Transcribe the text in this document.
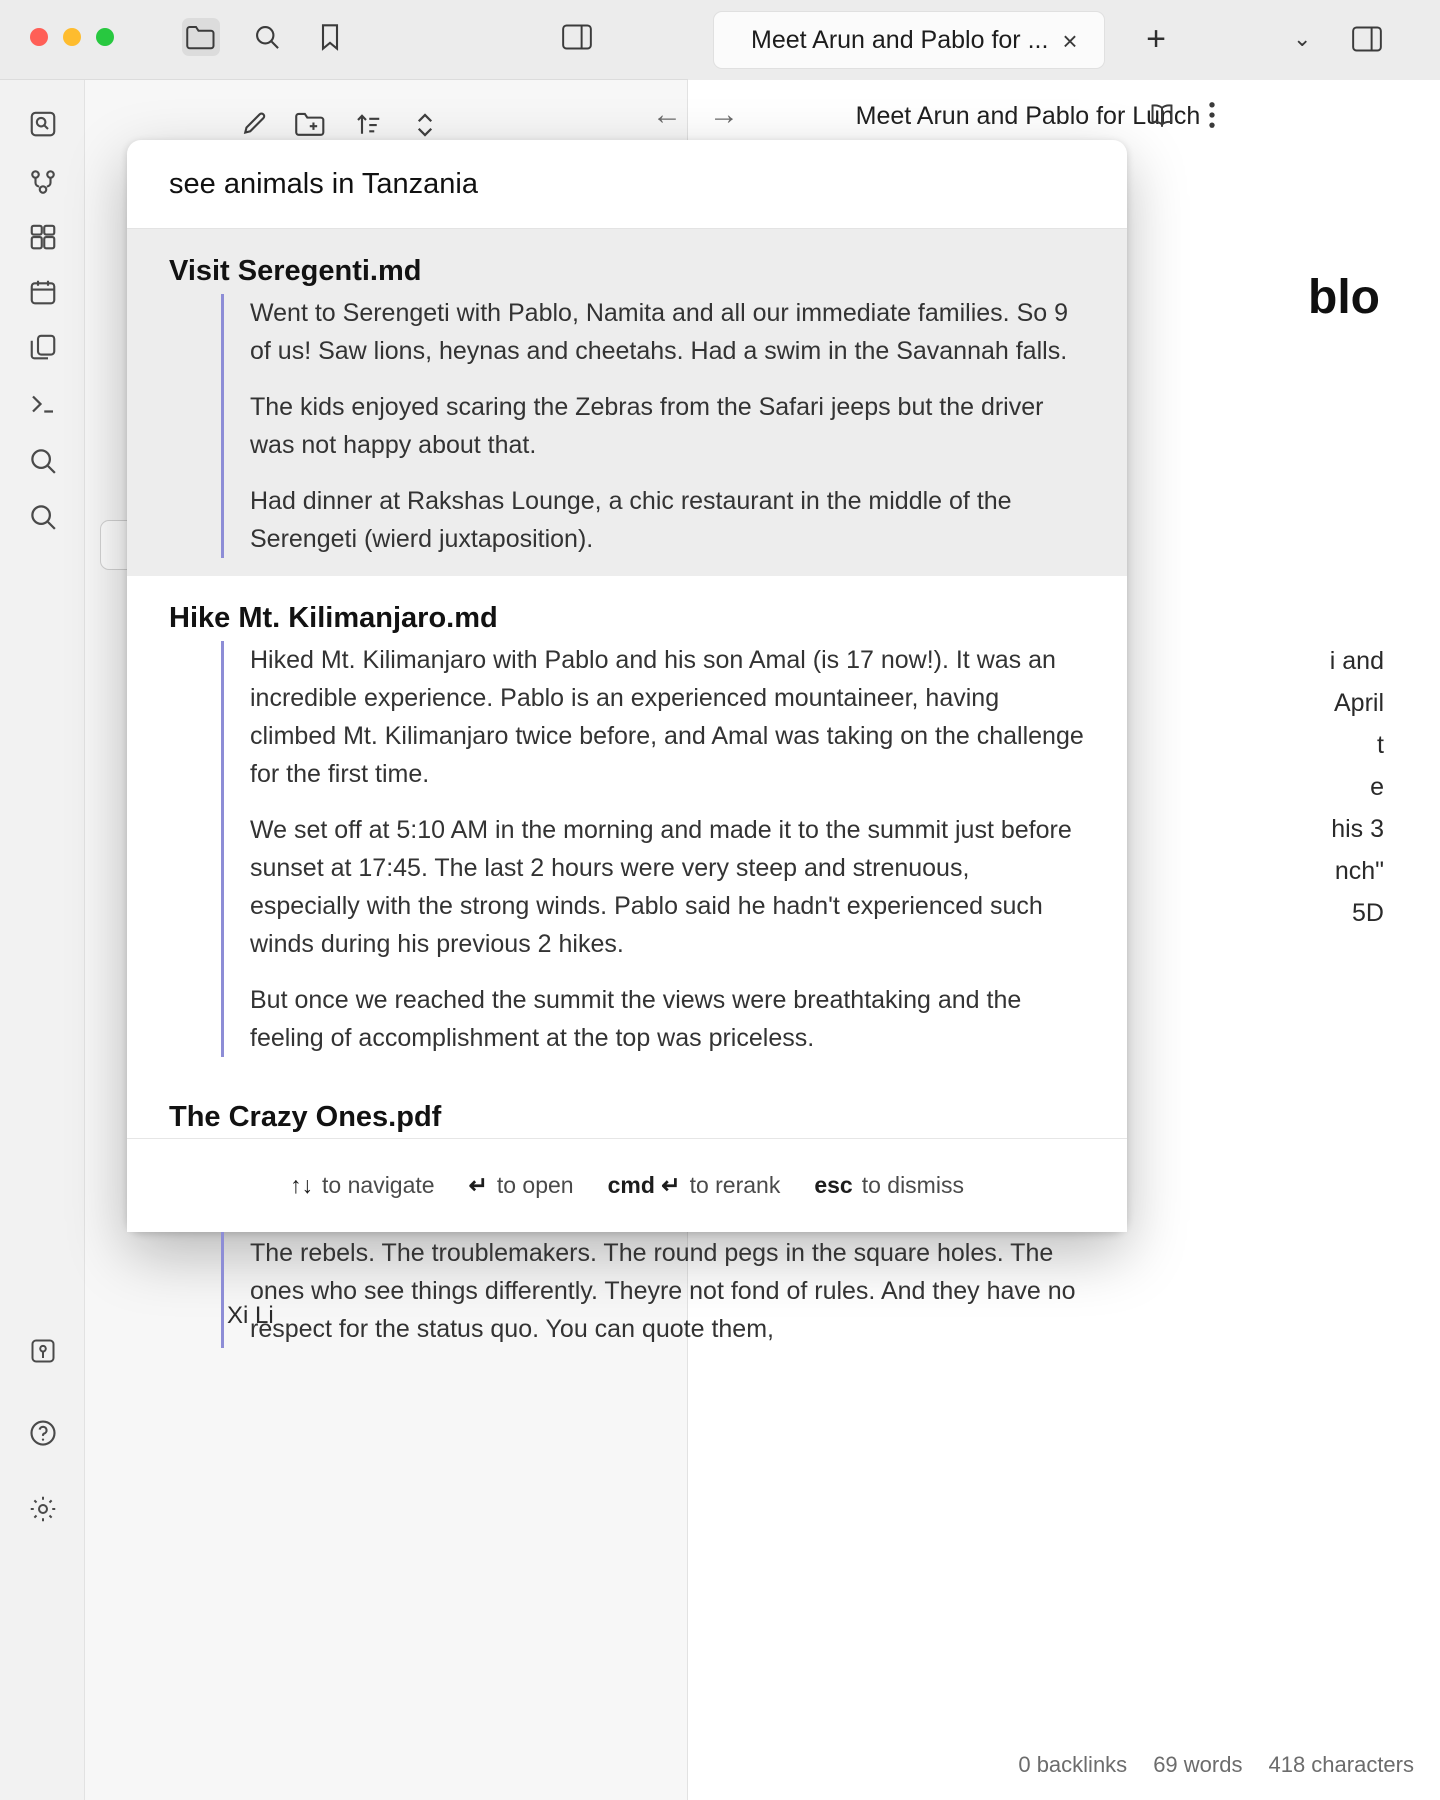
Meet Arun and Pablo for ... × +	⌄
Xi Li
← →	Meet Arun and Pablo for Lunch
blo
i and
April
t
e
his 3
nch"
5D
0 backlinks 69 words 418 characters
see animals in Tanzania
Visit Seregenti.md

Went to Serengeti with Pablo, Namita and all our immediate families. So 9 of us! Saw lions, heynas and cheetahs. Had a swim in the Savannah falls.

The kids enjoyed scaring the Zebras from the Safari jeeps but the driver was not happy about that.

Had dinner at Rakshas Lounge, a chic restaurant in the middle of the Serengeti (wierd juxtaposition).

Hike Mt. Kilimanjaro.md

Hiked Mt. Kilimanjaro with Pablo and his son Amal (is 17 now!). It was an incredible experience. Pablo is an experienced mountaineer, having climbed Mt. Kilimanjaro twice before, and Amal was taking on the challenge for the first time.

We set off at 5:10 AM in the morning and made it to the summit just before sunset at 17:45. The last 2 hours were very steep and strenuous, especially with the strong winds. Pablo said he hadn't experienced such winds during his previous 2 hikes.

But once we reached the summit the views were breathtaking and the feeling of accomplishment at the top was priceless.

The Crazy Ones.pdf

The rebels. The troublemakers. The round pegs in the square holes. The ones who see things differently. Theyre not fond of rules. And they have no respect for the status quo. You can quote them,

↑↓ to navigate ↵ to open cmd ↵ to rerank esc to dismiss
